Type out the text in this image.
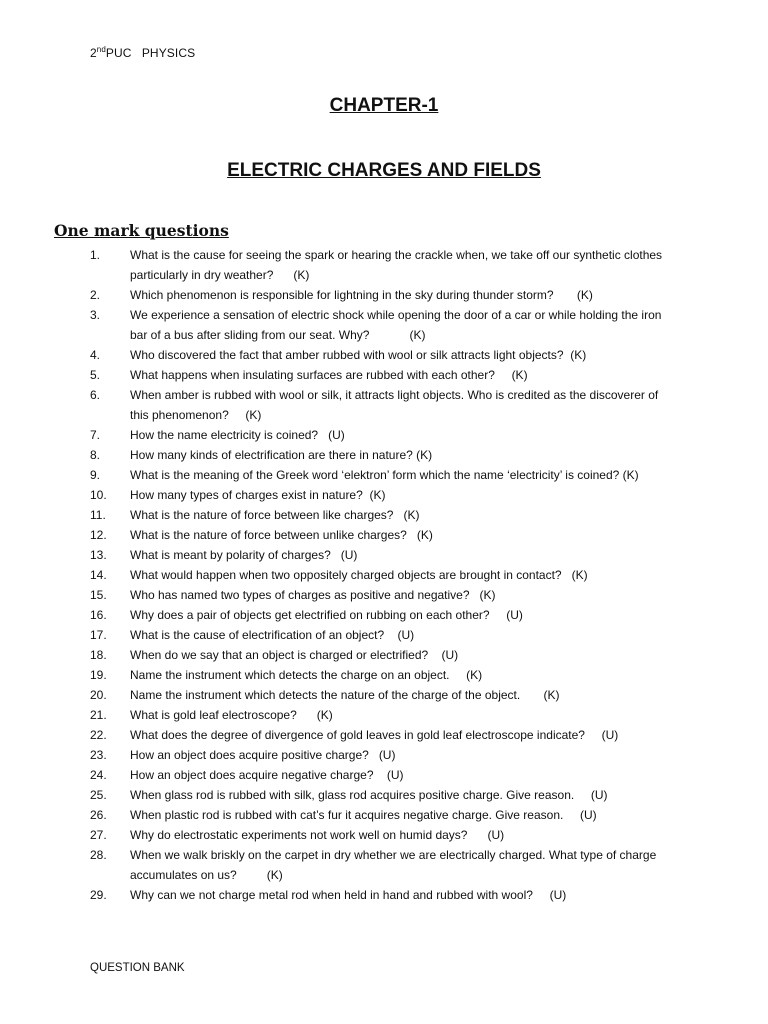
2ndPUC   PHYSICS
CHAPTER-1
ELECTRIC CHARGES AND FIELDS
One mark questions
1. What is the cause for seeing the spark or hearing the crackle when, we take off our synthetic clothes particularly in dry weather?      (K)
2. Which phenomenon is responsible for lightning in the sky during thunder storm?       (K)
3. We experience a sensation of electric shock while opening the door of a car or while holding the iron bar of a bus after sliding from our seat. Why?            (K)
4. Who discovered the fact that amber rubbed with wool or silk attracts light objects?  (K)
5. What happens when insulating surfaces are rubbed with each other?     (K)
6. When amber is rubbed with wool or silk, it attracts light objects. Who is credited as the discoverer of this phenomenon?     (K)
7. How the name electricity is coined?   (U)
8. How many kinds of electrification are there in nature? (K)
9. What is the meaning of the Greek word ‘elektron’ form which the name ‘electricity’ is coined? (K)
10. How many types of charges exist in nature?  (K)
11. What is the nature of force between like charges?   (K)
12. What is the nature of force between unlike charges?   (K)
13. What is meant by polarity of charges?   (U)
14. What would happen when two oppositely charged objects are brought in contact?   (K)
15. Who has named two types of charges as positive and negative?   (K)
16. Why does a pair of objects get electrified on rubbing on each other?     (U)
17. What is the cause of electrification of an object?    (U)
18. When do we say that an object is charged or electrified?    (U)
19. Name the instrument which detects the charge on an object.     (K)
20. Name the instrument which detects the nature of the charge of the object.       (K)
21. What is gold leaf electroscope?      (K)
22. What does the degree of divergence of gold leaves in gold leaf electroscope indicate?     (U)
23. How an object does acquire positive charge?   (U)
24. How an object does acquire negative charge?    (U)
25. When glass rod is rubbed with silk, glass rod acquires positive charge. Give reason.     (U)
26. When plastic rod is rubbed with cat’s fur it acquires negative charge. Give reason.     (U)
27. Why do electrostatic experiments not work well on humid days?      (U)
28. When we walk briskly on the carpet in dry whether we are electrically charged. What type of charge accumulates on us?         (K)
29. Why can we not charge metal rod when held in hand and rubbed with wool?     (U)
QUESTION BANK
